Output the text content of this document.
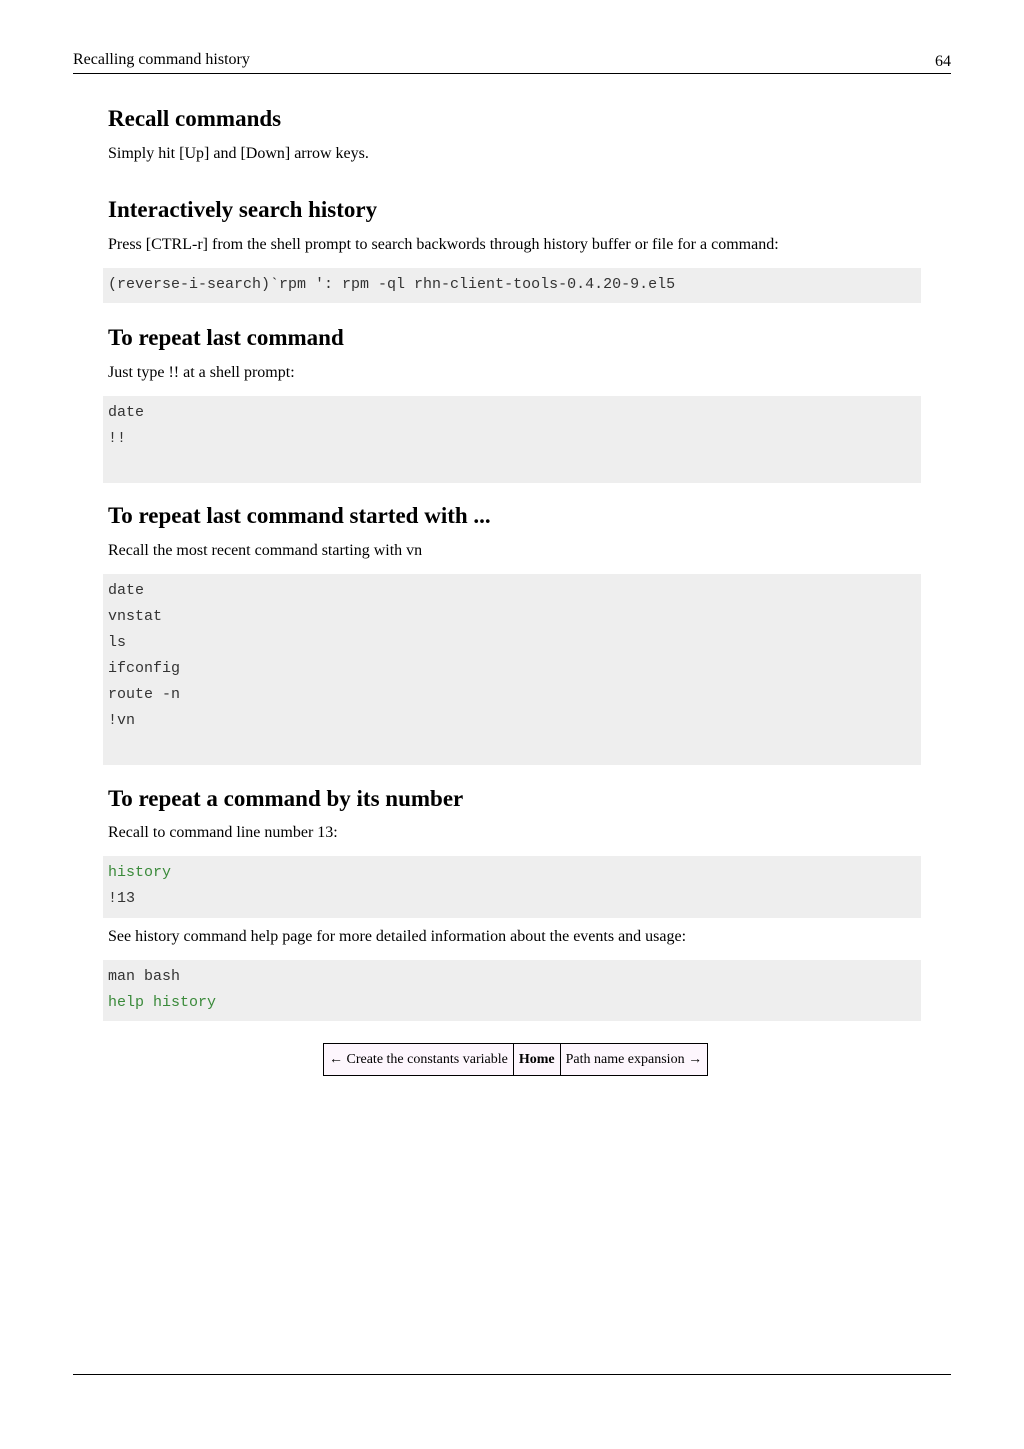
Recalling command history	64
Recall commands

Simply hit [Up] and [Down] arrow keys.

Interactively search history

Press [CTRL-r] from the shell prompt to search backwords through history buffer or file for a command:

(reverse-i-search)`rpm ': rpm -ql rhn-client-tools-0.4.20-9.el5
To repeat last command

Just type !! at a shell prompt:

date
!!
To repeat last command started with ...

Recall the most recent command starting with vn

date
vnstat
ls
ifconfig
route -n
!vn
To repeat a command by its number

Recall to command line number 13:

history
!13

See history command help page for more detailed information about the events and usage:

man bash
help history
← Create the constants variable Home Path name expansion →
